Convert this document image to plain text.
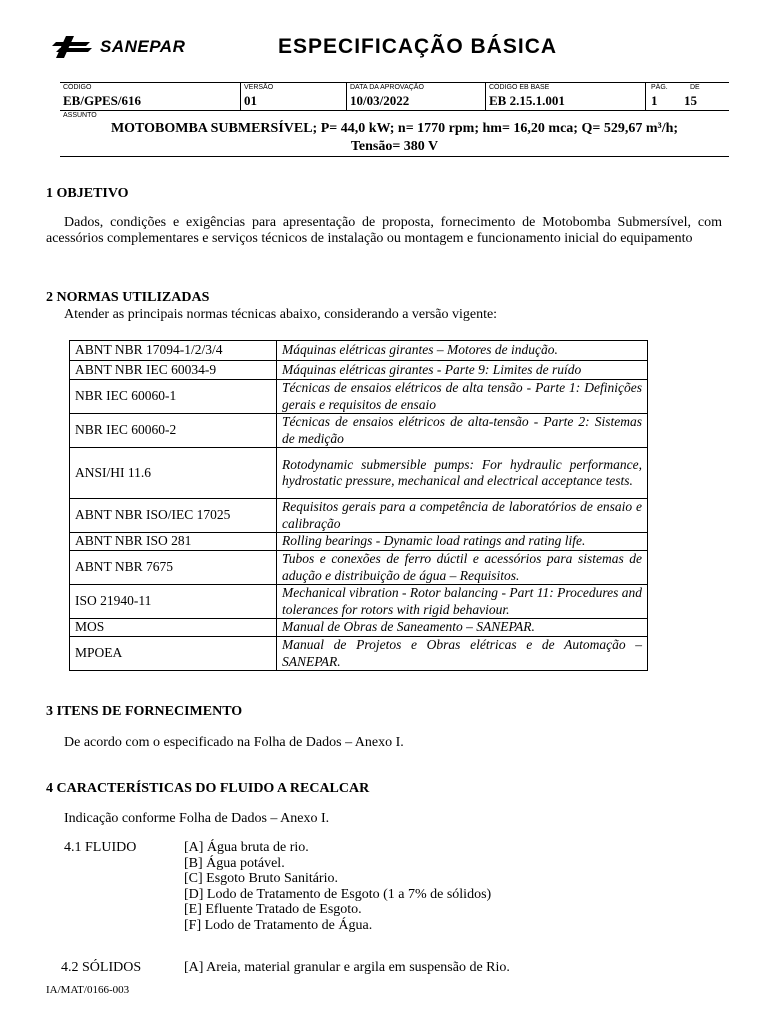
SANEPAR	ESPECIFICAÇÃO BÁSICA
CÓDIGO
EB/GPES/616
VERSÃO
01
DATA DA APROVAÇÃO
10/03/2022
CÓDIGO EB BASE
EB 2.15.1.001
PÁG.
1
DE
15
ASSUNTO
MOTOBOMBA SUBMERSÍVEL; P= 44,0 kW; n= 1770 rpm; hm= 16,20 mca; Q= 529,67 m³/h;
Tensão= 380 V
1 OBJETIVO
Dados, condições e exigências para apresentação de proposta, fornecimento de Motobomba Submersível, com acessórios complementares e serviços técnicos de instalação ou montagem e funcionamento inicial do equipamento
2 NORMAS UTILIZADAS
Atender as principais normas técnicas abaixo, considerando a versão vigente:
ABNT NBR 17094-1/2/3/4	Máquinas elétricas girantes – Motores de indução.
ABNT NBR IEC 60034-9	Máquinas elétricas girantes - Parte 9: Limites de ruído
NBR IEC 60060-1	Técnicas de ensaios elétricos de alta tensão - Parte 1: Definições gerais e requisitos de ensaio
NBR IEC 60060-2	Técnicas de ensaios elétricos de alta-tensão - Parte 2: Sistemas de medição
ANSI/HI 11.6	Rotodynamic submersible pumps: For hydraulic performance, hydrostatic pressure, mechanical and electrical acceptance tests.
ABNT NBR ISO/IEC 17025	Requisitos gerais para a competência de laboratórios de ensaio e calibração
ABNT NBR ISO 281	Rolling bearings - Dynamic load ratings and rating life.
ABNT NBR 7675	Tubos e conexões de ferro dúctil e acessórios para sistemas de adução e distribuição de água – Requisitos.
ISO 21940-11	Mechanical vibration - Rotor balancing - Part 11: Procedures and tolerances for rotors with rigid behaviour.
MOS	Manual de Obras de Saneamento – SANEPAR.
MPOEA	Manual de Projetos e Obras elétricas e de Automação – SANEPAR.
3 ITENS DE FORNECIMENTO
De acordo com o especificado na Folha de Dados – Anexo I.
4 CARACTERÍSTICAS DO FLUIDO A RECALCAR
Indicação conforme Folha de Dados – Anexo I.
4.1 FLUIDO	[A] Água bruta de rio.
[B] Água potável.
[C] Esgoto Bruto Sanitário.
[D] Lodo de Tratamento de Esgoto (1 a 7% de sólidos)
[E] Efluente Tratado de Esgoto.
[F] Lodo de Tratamento de Água.
4.2 SÓLIDOS	[A] Areia, material granular e argila em suspensão de Rio.
IA/MAT/0166-003
